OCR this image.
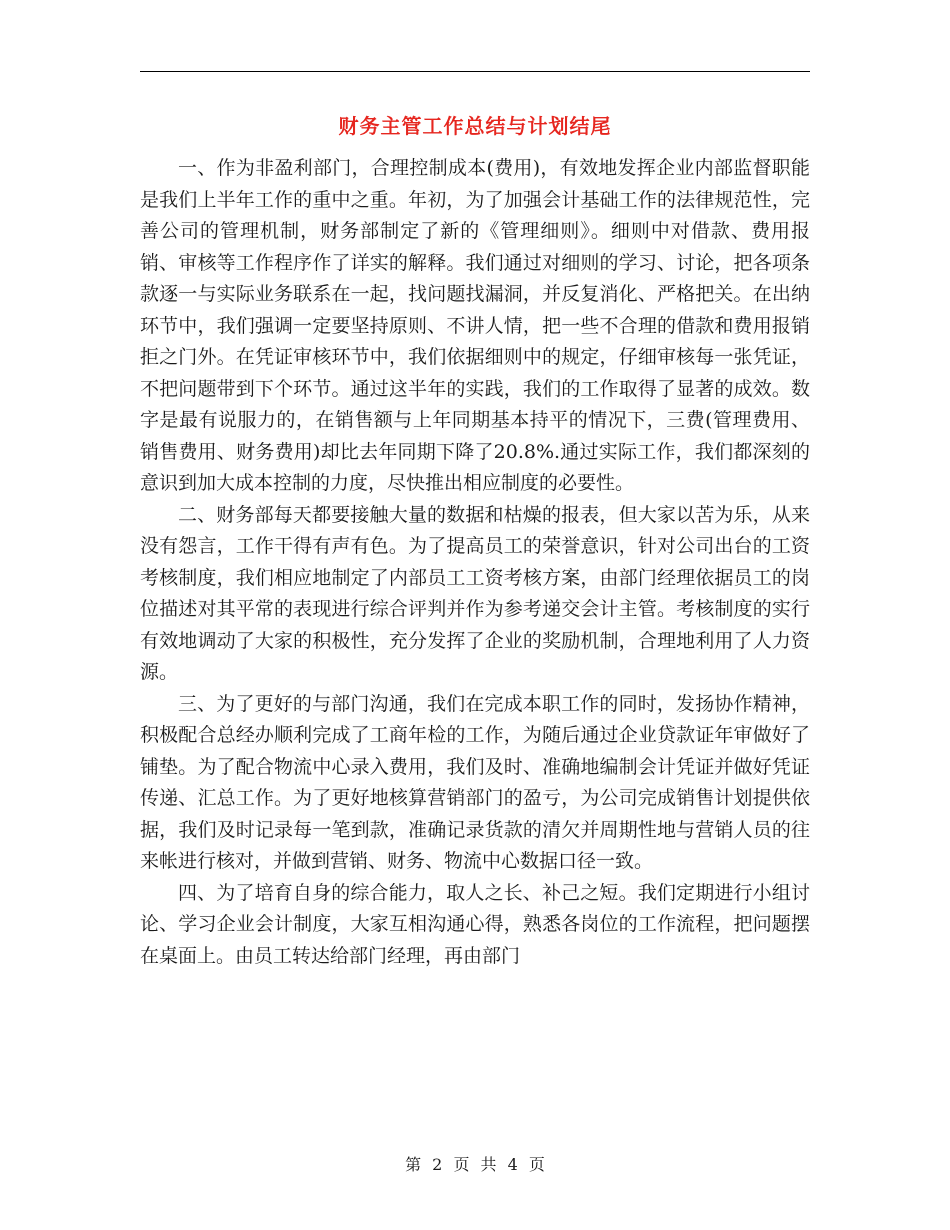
财务主管工作总结与计划结尾

一、作为非盈利部门，合理控制成本(费用)，有效地发挥企业内部监督职能是我们上半年工作的重中之重。年初，为了加强会计基础工作的法律规范性，完善公司的管理机制，财务部制定了新的《管理细则》。细则中对借款、费用报销、审核等工作程序作了详实的解释。我们通过对细则的学习、讨论，把各项条款逐一与实际业务联系在一起，找问题找漏洞，并反复消化、严格把关。在出纳环节中，我们强调一定要坚持原则、不讲人情，把一些不合理的借款和费用报销拒之门外。在凭证审核环节中，我们依据细则中的规定，仔细审核每一张凭证，不把问题带到下个环节。通过这半年的实践，我们的工作取得了显著的成效。数字是最有说服力的，在销售额与上年同期基本持平的情况下，三费(管理费用、销售费用、财务费用)却比去年同期下降了20.8%.通过实际工作，我们都深刻的意识到加大成本控制的力度，尽快推出相应制度的必要性。

二、财务部每天都要接触大量的数据和枯燥的报表，但大家以苦为乐，从来没有怨言，工作干得有声有色。为了提高员工的荣誉意识，针对公司出台的工资考核制度，我们相应地制定了内部员工工资考核方案，由部门经理依据员工的岗位描述对其平常的表现进行综合评判并作为参考递交会计主管。考核制度的实行有效地调动了大家的积极性，充分发挥了企业的奖励机制，合理地利用了人力资源。

三、为了更好的与部门沟通，我们在完成本职工作的同时，发扬协作精神，积极配合总经办顺利完成了工商年检的工作，为随后通过企业贷款证年审做好了铺垫。为了配合物流中心录入费用，我们及时、准确地编制会计凭证并做好凭证传递、汇总工作。为了更好地核算营销部门的盈亏，为公司完成销售计划提供依据，我们及时记录每一笔到款，准确记录货款的清欠并周期性地与营销人员的往来帐进行核对，并做到营销、财务、物流中心数据口径一致。

四、为了培育自身的综合能力，取人之长、补己之短。我们定期进行小组讨论、学习企业会计制度，大家互相沟通心得，熟悉各岗位的工作流程，把问题摆在桌面上。由员工转达给部门经理，再由部门

第 2 页 共 4 页
